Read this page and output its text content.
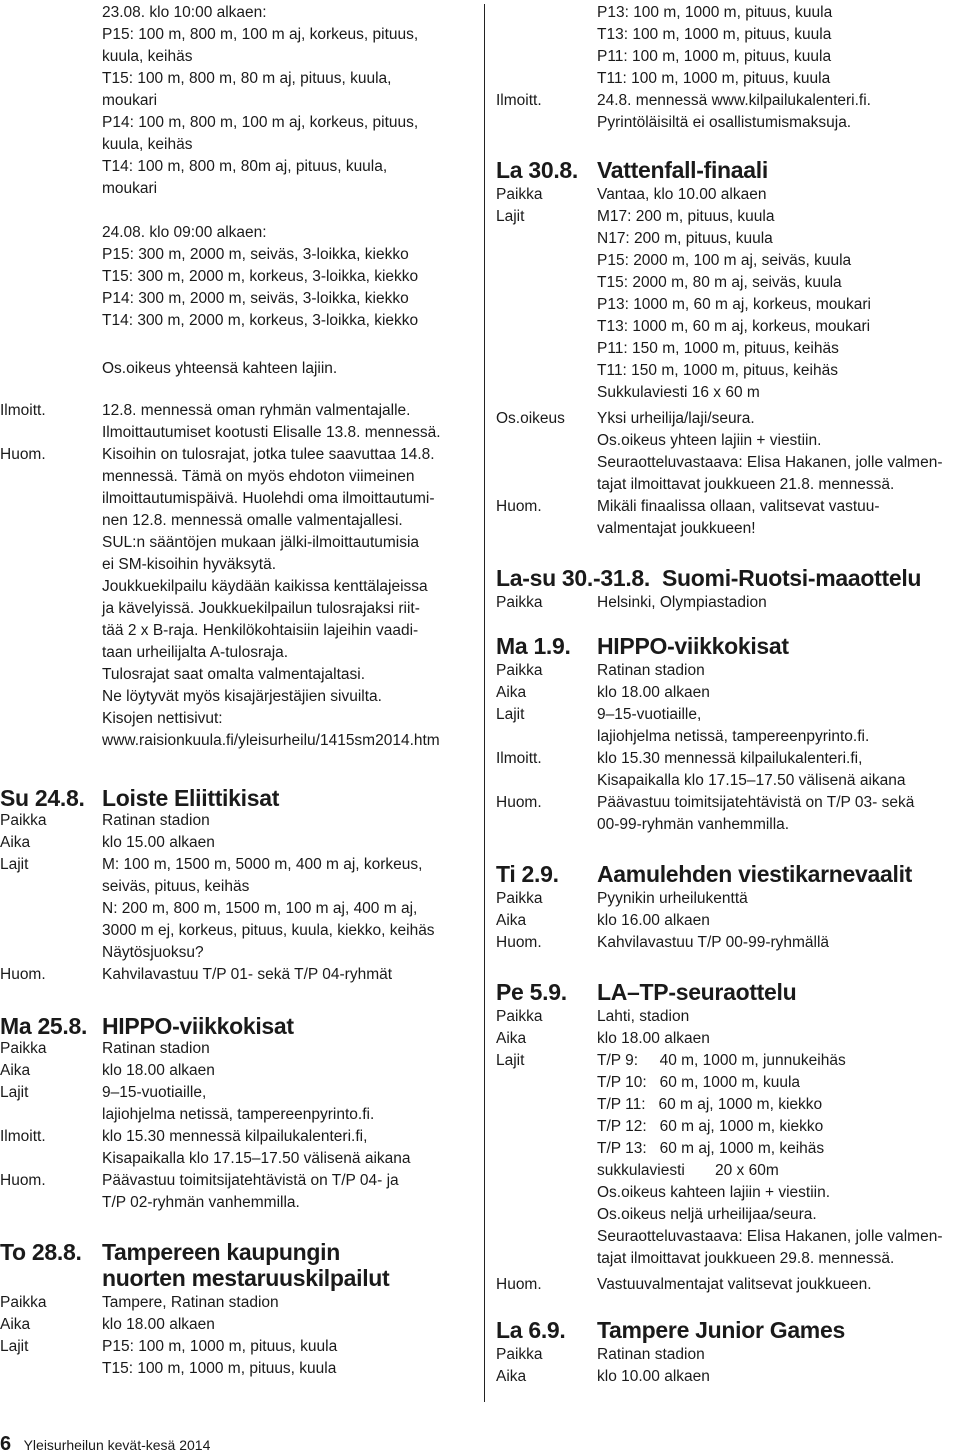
23.08. klo 10:00 alkaen:
P15: 100 m, 800 m, 100 m aj, korkeus, pituus,
kuula, keihäs
T15: 100 m, 800 m, 80 m aj, pituus, kuula,
moukari
P14: 100 m, 800 m, 100 m aj, korkeus, pituus,
kuula, keihäs
T14: 100 m, 800 m, 80m aj, pituus, kuula,
moukari
24.08. klo 09:00 alkaen:
P15: 300 m, 2000 m, seiväs, 3-loikka, kiekko
T15: 300 m, 2000 m, korkeus, 3-loikka, kiekko
P14: 300 m, 2000 m, seiväs, 3-loikka, kiekko
T14: 300 m, 2000 m, korkeus, 3-loikka, kiekko
Os.oikeus yhteensä kahteen lajiin.
Ilmoitt.	12.8. mennessä oman ryhmän valmentajalle.
Ilmoittautumiset kootusti Elisalle 13.8. mennessä.
Huom.	Kisoihin on tulosrajat, jotka tulee saavuttaa 14.8.
mennessä. Tämä on myös ehdoton viimeinen
ilmoittautumispäivä. Huolehdi oma ilmoittautumi-
nen 12.8. mennessä omalle valmentajallesi.
SUL:n sääntöjen mukaan jälki-ilmoittautumisia
ei SM-kisoihin hyväksytä.
Joukkuekilpailu käydään kaikissa kenttälajeissa
ja kävelyissä. Joukkuekilpailun tulosrajaksi riit-
tää 2 x B-raja. Henkilökohtaisiin lajeihin vaadi-
taan urheilijalta A-tulosraja.
Tulosrajat saat omalta valmentajaltasi.
Ne löytyvät myös kisajärjestäjien sivuilta.
Kisojen nettisivut:
www.raisionkuula.fi/yleisurheilu/1415sm2014.htm
Su 24.8. Loiste Eliittikisat
Paikka	Ratinan stadion
Aika	klo 15.00 alkaen
Lajit	M: 100 m, 1500 m, 5000 m, 400 m aj, korkeus,
seiväs, pituus, keihäs
N: 200 m, 800 m, 1500 m, 100 m aj, 400 m aj,
3000 m ej, korkeus, pituus, kuula, kiekko, keihäs
Näytösjuoksu?
Huom.	Kahvilavastuu T/P 01- sekä T/P 04-ryhmät
Ma 25.8. HIPPO-viikkokisat
Paikka	Ratinan stadion
Aika	klo 18.00 alkaen
Lajit	9–15-vuotiaille,
lajiohjelma netissä, tampereenpyrinto.fi.
Ilmoitt.	klo 15.30 mennessä kilpailukalenteri.fi,
Kisapaikalla klo 17.15–17.50 välisenä aikana
Huom.	Päävastuu toimitsijatehtävistä on T/P 04- ja
T/P 02-ryhmän vanhemmilla.
To 28.8. Tampereen kaupungin
nuorten mestaruuskilpailut
Paikka	Tampere, Ratinan stadion
Aika	klo 18.00 alkaen
Lajit	P15: 100 m, 1000 m, pituus, kuula
T15: 100 m, 1000 m, pituus, kuula
P13: 100 m, 1000 m, pituus, kuula
T13: 100 m, 1000 m, pituus, kuula
P11: 100 m, 1000 m, pituus, kuula
T11: 100 m, 1000 m, pituus, kuula
Ilmoitt.	24.8. mennessä www.kilpailukalenteri.fi.
Pyrintöläisiltä ei osallistumismaksuja.
La 30.8. Vattenfall-finaali
Paikka	Vantaa, klo 10.00 alkaen
Lajit	M17: 200 m, pituus, kuula
N17: 200 m, pituus, kuula
P15: 2000 m, 100 m aj, seiväs, kuula
T15: 2000 m, 80 m aj, seiväs, kuula
P13: 1000 m, 60 m aj, korkeus, moukari
T13: 1000 m, 60 m aj, korkeus, moukari
P11: 150 m, 1000 m, pituus, keihäs
T11: 150 m, 1000 m, pituus, keihäs
Sukkulaviesti 16 x 60 m
Os.oikeus Yksi urheilija/laji/seura.
Os.oikeus yhteen lajiin + viestiin.
Seuraotteluvastaava: Elisa Hakanen, jolle valmen-
tajat ilmoittavat joukkueen 21.8. mennessä.
Huom.	Mikäli finaalissa ollaan, valitsevat vastuu-
valmentajat joukkueen!
La-su 30.-31.8. Suomi-Ruotsi-maaottelu
Paikka	Helsinki, Olympiastadion
Ma 1.9. HIPPO-viikkokisat
Paikka	Ratinan stadion
Aika	klo 18.00 alkaen
Lajit	9–15-vuotiaille,
lajiohjelma netissä, tampereenpyrinto.fi.
Ilmoitt.	klo 15.30 mennessä kilpailukalenteri.fi,
Kisapaikalla klo 17.15–17.50 välisenä aikana
Huom.	Päävastuu toimitsijatehtävistä on T/P 03- sekä
00-99-ryhmän vanhemmilla.
Ti 2.9. Aamulehden viestikarnevaalit
Paikka	Pyynikin urheilukenttä
Aika	klo 16.00 alkaen
Huom.	Kahvilavastuu T/P 00-99-ryhmällä
Pe 5.9. LA–TP-seuraottelu
Paikka	Lahti, stadion
Aika	klo 18.00 alkaen
Lajit	T/P 9:     40 m, 1000 m, junnukeihäs
T/P 10:   60 m, 1000 m, kuula
T/P 11:   60 m aj, 1000 m, kiekko
T/P 12:   60 m aj, 1000 m, kiekko
T/P 13:   60 m aj, 1000 m, keihäs
sukkulaviesti       20 x 60m
Os.oikeus kahteen lajiin + viestiin.
Os.oikeus neljä urheilijaa/seura.
Seuraotteluvastaava: Elisa Hakanen, jolle valmen-
tajat ilmoittavat joukkueen 29.8. mennessä.
Huom.	Vastuuvalmentajat valitsevat joukkueen.
La 6.9. Tampere Junior Games
Paikka	Ratinan stadion
Aika	klo 10.00 alkaen
6 Yleisurheilun kevät-kesä 2014
